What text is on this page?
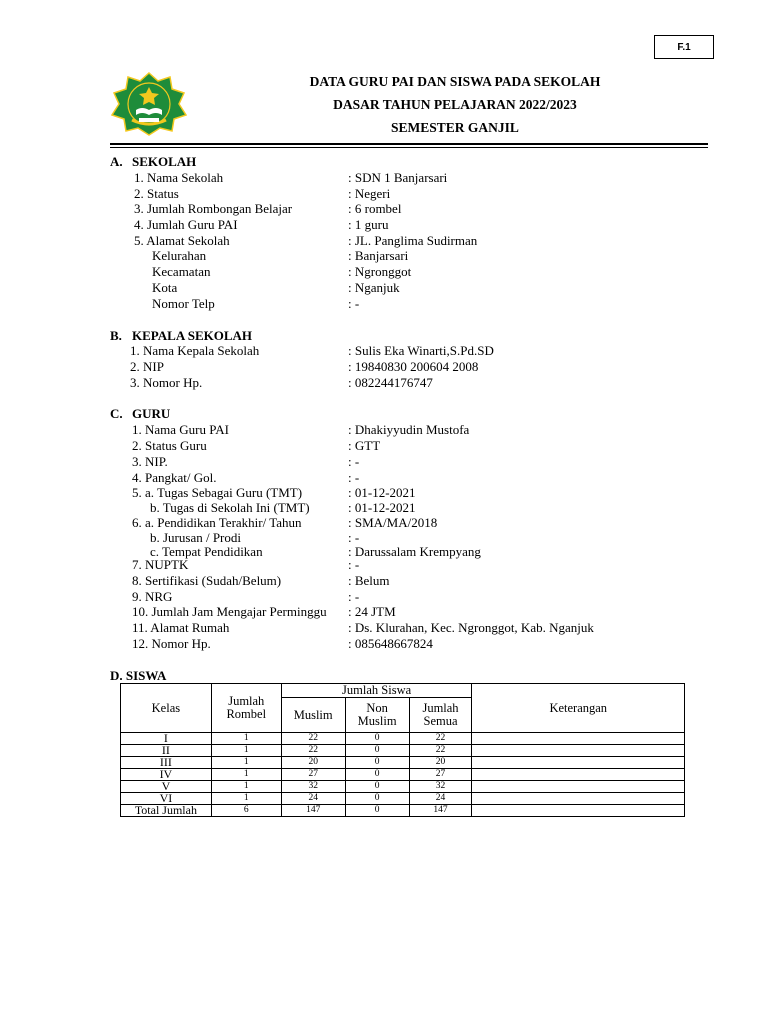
F.1
DATA GURU PAI DAN SISWA PADA SEKOLAH
DASAR TAHUN PELAJARAN 2022/2023
SEMESTER GANJIL
A. SEKOLAH
1. Nama Sekolah	: SDN 1 Banjarsari
2. Status	: Negeri
3. Jumlah Rombongan Belajar	: 6 rombel
4. Jumlah Guru PAI	: 1 guru
5. Alamat Sekolah	: JL. Panglima Sudirman
Kelurahan	: Banjarsari
Kecamatan	: Ngronggot
Kota	: Nganjuk
Nomor Telp	: -
B. KEPALA SEKOLAH
1. Nama Kepala Sekolah	: Sulis Eka Winarti,S.Pd.SD
2. NIP	: 19840830 200604 2008
3. Nomor Hp.	: 082244176747
C. GURU
1. Nama Guru PAI	: Dhakiyyudin Mustofa
2. Status Guru	: GTT
3. NIP.	: -
4. Pangkat/ Gol.	: -
5. a. Tugas Sebagai Guru (TMT)	: 01-12-2021
b. Tugas di Sekolah Ini (TMT)	: 01-12-2021
6. a. Pendidikan Terakhir/ Tahun	: SMA/MA/2018
b. Jurusan / Prodi	: -
c. Tempat Pendidikan	: Darussalam Krempyang
7. NUPTK	: -
8. Sertifikasi (Sudah/Belum)	: Belum
9. NRG	: -
10. Jumlah Jam Mengajar Perminggu : 24 JTM
11. Alamat Rumah	: Ds. Klurahan, Kec. Ngronggot, Kab. Nganjuk
12. Nomor Hp.	: 085648667824
D. SISWA
Kelas	Jumlah Rombel	Jumlah Siswa			Keterangan
		Muslim	Non Muslim	Jumlah Semua	
I	1	22	0	22	
II	1	22	0	22	
III	1	20	0	20	
IV	1	27	0	27	
V	1	32	0	32	
VI	1	24	0	24	
Total Jumlah	6	147	0	147	
